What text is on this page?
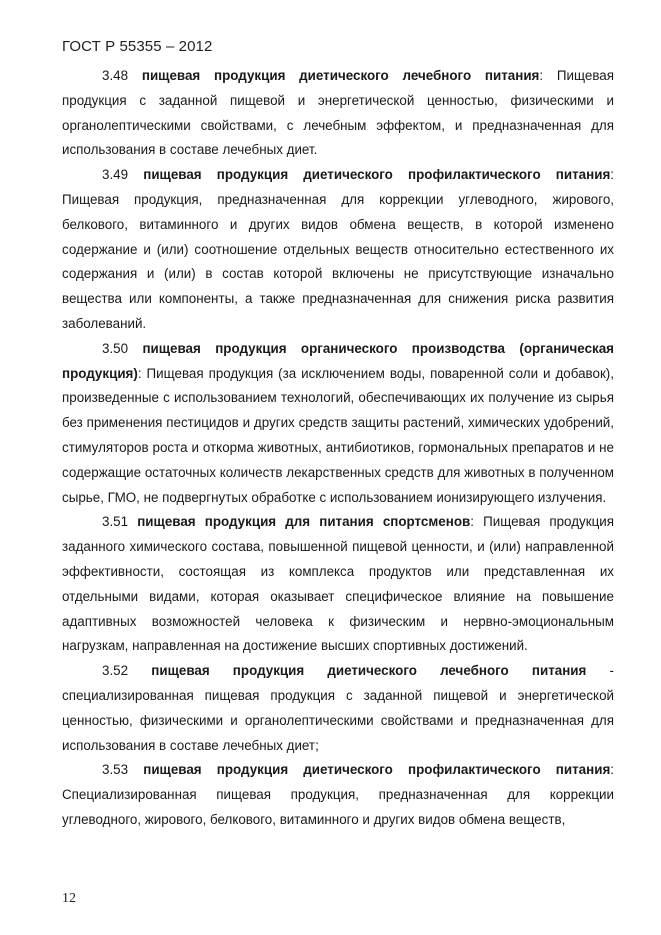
ГОСТ Р 55355 – 2012

3.48 пищевая продукция диетического лечебного питания: Пищевая продукция с заданной пищевой и энергетической ценностью, физическими и органолептическими свойствами, с лечебным эффектом, и предназначенная для использования в составе лечебных диет.

3.49 пищевая продукция диетического профилактического питания: Пищевая продукция, предназначенная для коррекции углеводного, жирового, белкового, витаминного и других видов обмена веществ, в которой изменено содержание и (или) соотношение отдельных веществ относительно естественного их содержания и (или) в состав которой включены не присутствующие изначально вещества или компоненты, а также предназначенная для снижения риска развития заболеваний.

3.50 пищевая продукция органического производства (органическая продукция): Пищевая продукция (за исключением воды, поваренной соли и добавок), произведенные с использованием технологий, обеспечивающих их получение из сырья без применения пестицидов и других средств защиты растений, химических удобрений, стимуляторов роста и откорма животных, антибиотиков, гормональных препаратов и не содержащие остаточных количеств лекарственных средств для животных в полученном сырье, ГМО, не подвергнутых обработке с использованием ионизирующего излучения.

3.51 пищевая продукция для питания спортсменов: Пищевая продукция заданного химического состава, повышенной пищевой ценности, и (или) направленной эффективности, состоящая из комплекса продуктов или представленная их отдельными видами, которая оказывает специфическое влияние на повышение адаптивных возможностей человека к физическим и нервно-эмоциональным нагрузкам, направленная на достижение высших спортивных достижений.

3.52 пищевая продукция диетического лечебного питания - специализированная пищевая продукция с заданной пищевой и энергетической ценностью, физическими и органолептическими свойствами и предназначенная для использования в составе лечебных диет;

3.53 пищевая продукция диетического профилактического питания: Специализированная пищевая продукция, предназначенная для коррекции углеводного, жирового, белкового, витаминного и других видов обмена веществ,

12
